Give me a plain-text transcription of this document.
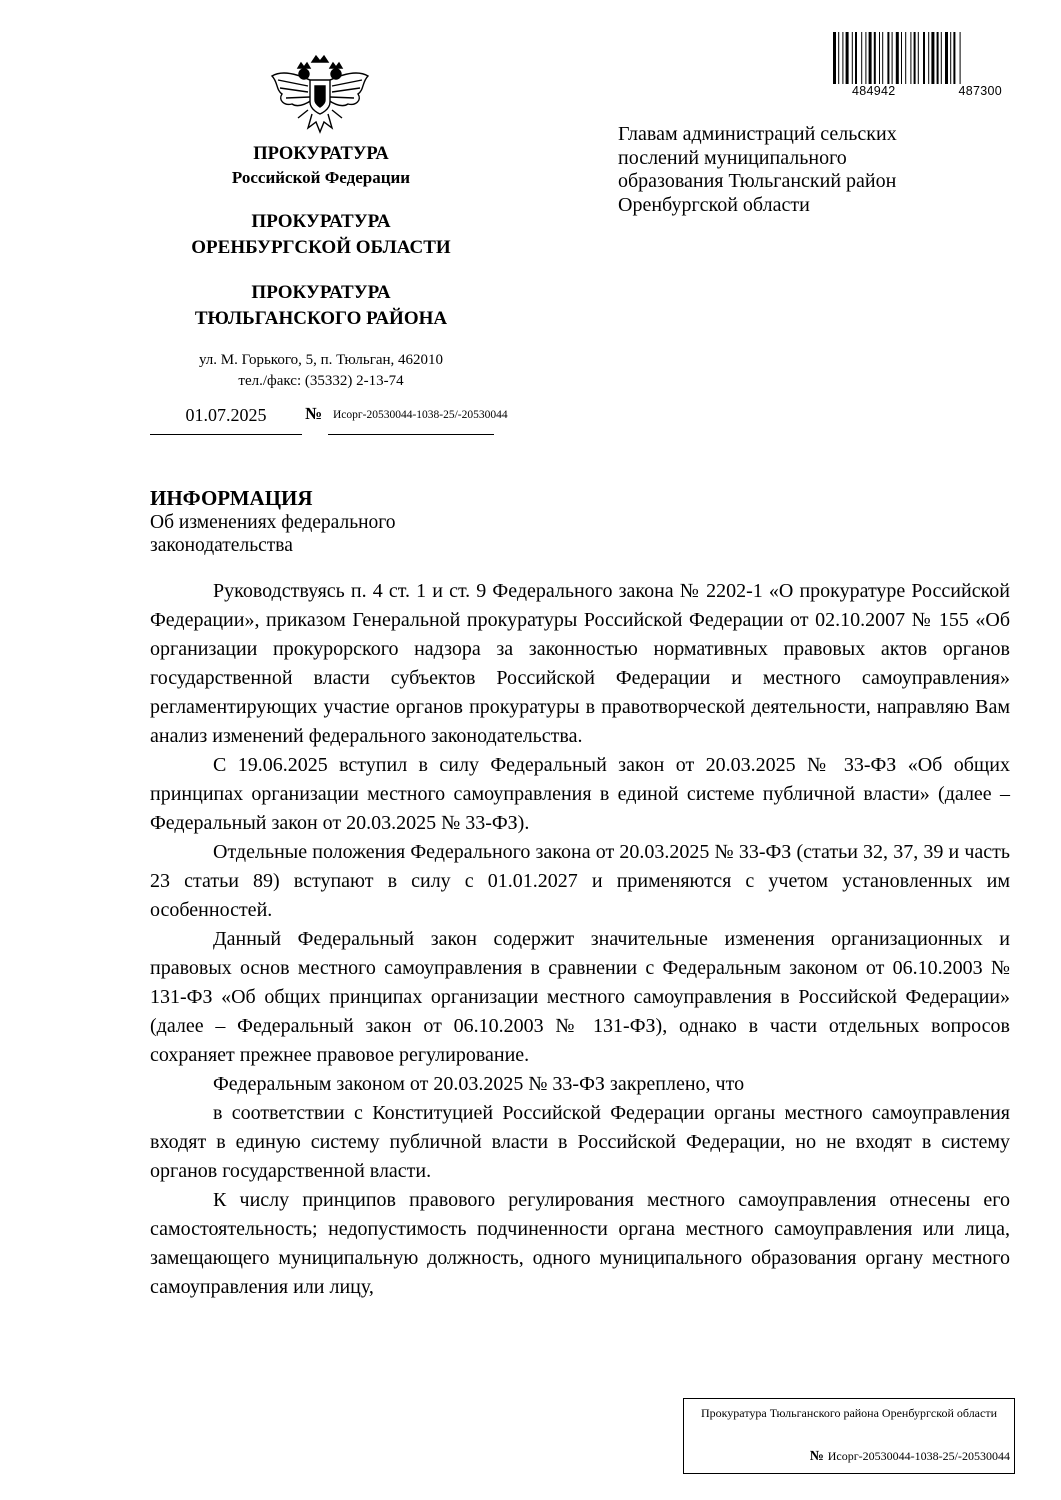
ПРОКУРАТУРА
Российской Федерации
ПРОКУРАТУРА
ОРЕНБУРГСКОЙ ОБЛАСТИ
ПРОКУРАТУРА
ТЮЛЬГАНСКОГО РАЙОНА
ул. М. Горького, 5, п. Тюльган, 462010
тел./факс: (35332) 2-13-74
01.07.2025	№ Исорг-20530044-1038-25/-20530044
484942	487300
Главам администраций сельских
послений муниципального
образования Тюльганский район
Оренбургской области
ИНФОРМАЦИЯ
Об изменениях федерального
законодательства

Руководствуясь п. 4 ст. 1 и ст. 9 Федерального закона № 2202-1 «О прокуратуре Российской Федерации», приказом Генеральной прокуратуры Российской Федерации от 02.10.2007 № 155 «Об организации прокурорского надзора за законностью нормативных правовых актов органов государственной власти субъектов Российской Федерации и местного самоуправления» регламентирующих участие органов прокуратуры в правотворческой деятельности, направляю Вам анализ изменений федерального законодательства.

С 19.06.2025 вступил в силу Федеральный закон от 20.03.2025 № 33-ФЗ «Об общих принципах организации местного самоуправления в единой системе публичной власти» (далее – Федеральный закон от 20.03.2025 № 33-ФЗ).

Отдельные положения Федерального закона от 20.03.2025 № 33-ФЗ (статьи 32, 37, 39 и часть 23 статьи 89) вступают в силу с 01.01.2027 и применяются с учетом установленных им особенностей.

Данный Федеральный закон содержит значительные изменения организационных и правовых основ местного самоуправления в сравнении с Федеральным законом от 06.10.2003 № 131-ФЗ «Об общих принципах организации местного самоуправления в Российской Федерации» (далее – Федеральный закон от 06.10.2003 № 131-ФЗ), однако в части отдельных вопросов сохраняет прежнее правовое регулирование.

Федеральным законом от 20.03.2025 № 33-ФЗ закреплено, что

в соответствии с Конституцией Российской Федерации органы местного самоуправления входят в единую систему публичной власти в Российской Федерации, но не входят в систему органов государственной власти.

К числу принципов правового регулирования местного самоуправления отнесены его самостоятельность; недопустимость подчиненности органа местного самоуправления или лица, замещающего муниципальную должность, одного муниципального образования органу местного самоуправления или лицу,

Прокуратура Тюльганского района Оренбургской области
№ Исорг-20530044-1038-25/-20530044
